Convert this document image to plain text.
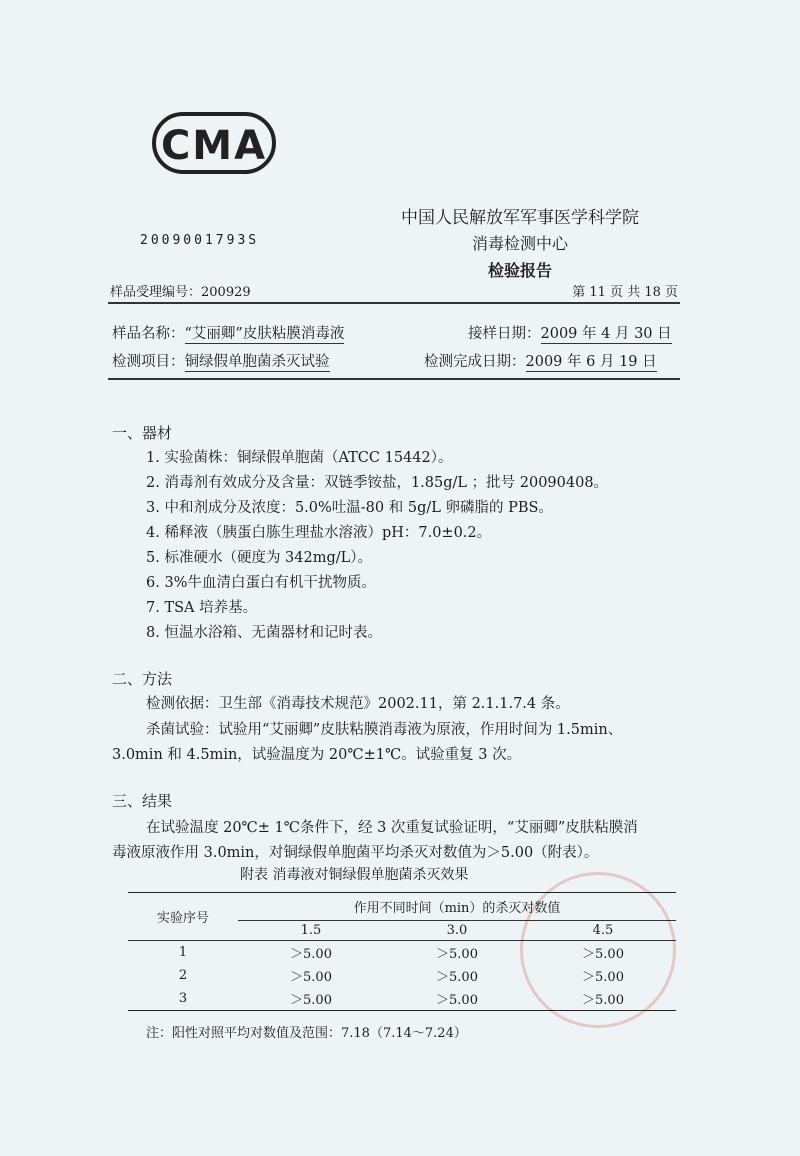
CMA
2009001793S
中国人民解放军军事医学科学院
消毒检测中心
检验报告
样品受理编号：200929	第 11 页 共 18 页
样品名称：“艾丽卿”皮肤粘膜消毒液	接样日期：2009 年 4 月 30 日
检测项目：铜绿假单胞菌杀灭试验	检测完成日期：2009 年 6 月 19 日
一、器材
1. 实验菌株：铜绿假单胞菌（ATCC 15442）。
2. 消毒剂有效成分及含量：双链季铵盐，1.85g/L ；批号 20090408。
3. 中和剂成分及浓度：5.0%吐温-80 和 5g/L 卵磷脂的 PBS。
4. 稀释液（胰蛋白胨生理盐水溶液）pH：7.0±0.2。
5. 标准硬水（硬度为 342mg/L）。
6. 3%牛血清白蛋白有机干扰物质。
7. TSA 培养基。
8. 恒温水浴箱、无菌器材和记时表。
二、方法
检测依据：卫生部《消毒技术规范》2002.11，第 2.1.1.7.4 条。
杀菌试验：试验用“艾丽卿”皮肤粘膜消毒液为原液，作用时间为 1.5min、
3.0min 和 4.5min，试验温度为 20℃±1℃。试验重复 3 次。
三、结果
在试验温度 20℃± 1℃条件下，经 3 次重复试验证明，“艾丽卿”皮肤粘膜消
毒液原液作用 3.0min，对铜绿假单胞菌平均杀灭对数值为＞5.00（附表）。
附表 消毒液对铜绿假单胞菌杀灭效果
实验序号	作用不同时间（min）的杀灭对数值		
	1.5	3.0	4.5
1	＞5.00	＞5.00	＞5.00
2	＞5.00	＞5.00	＞5.00
3	＞5.00	＞5.00	＞5.00
注：阳性对照平均对数值及范围：7.18（7.14～7.24）
